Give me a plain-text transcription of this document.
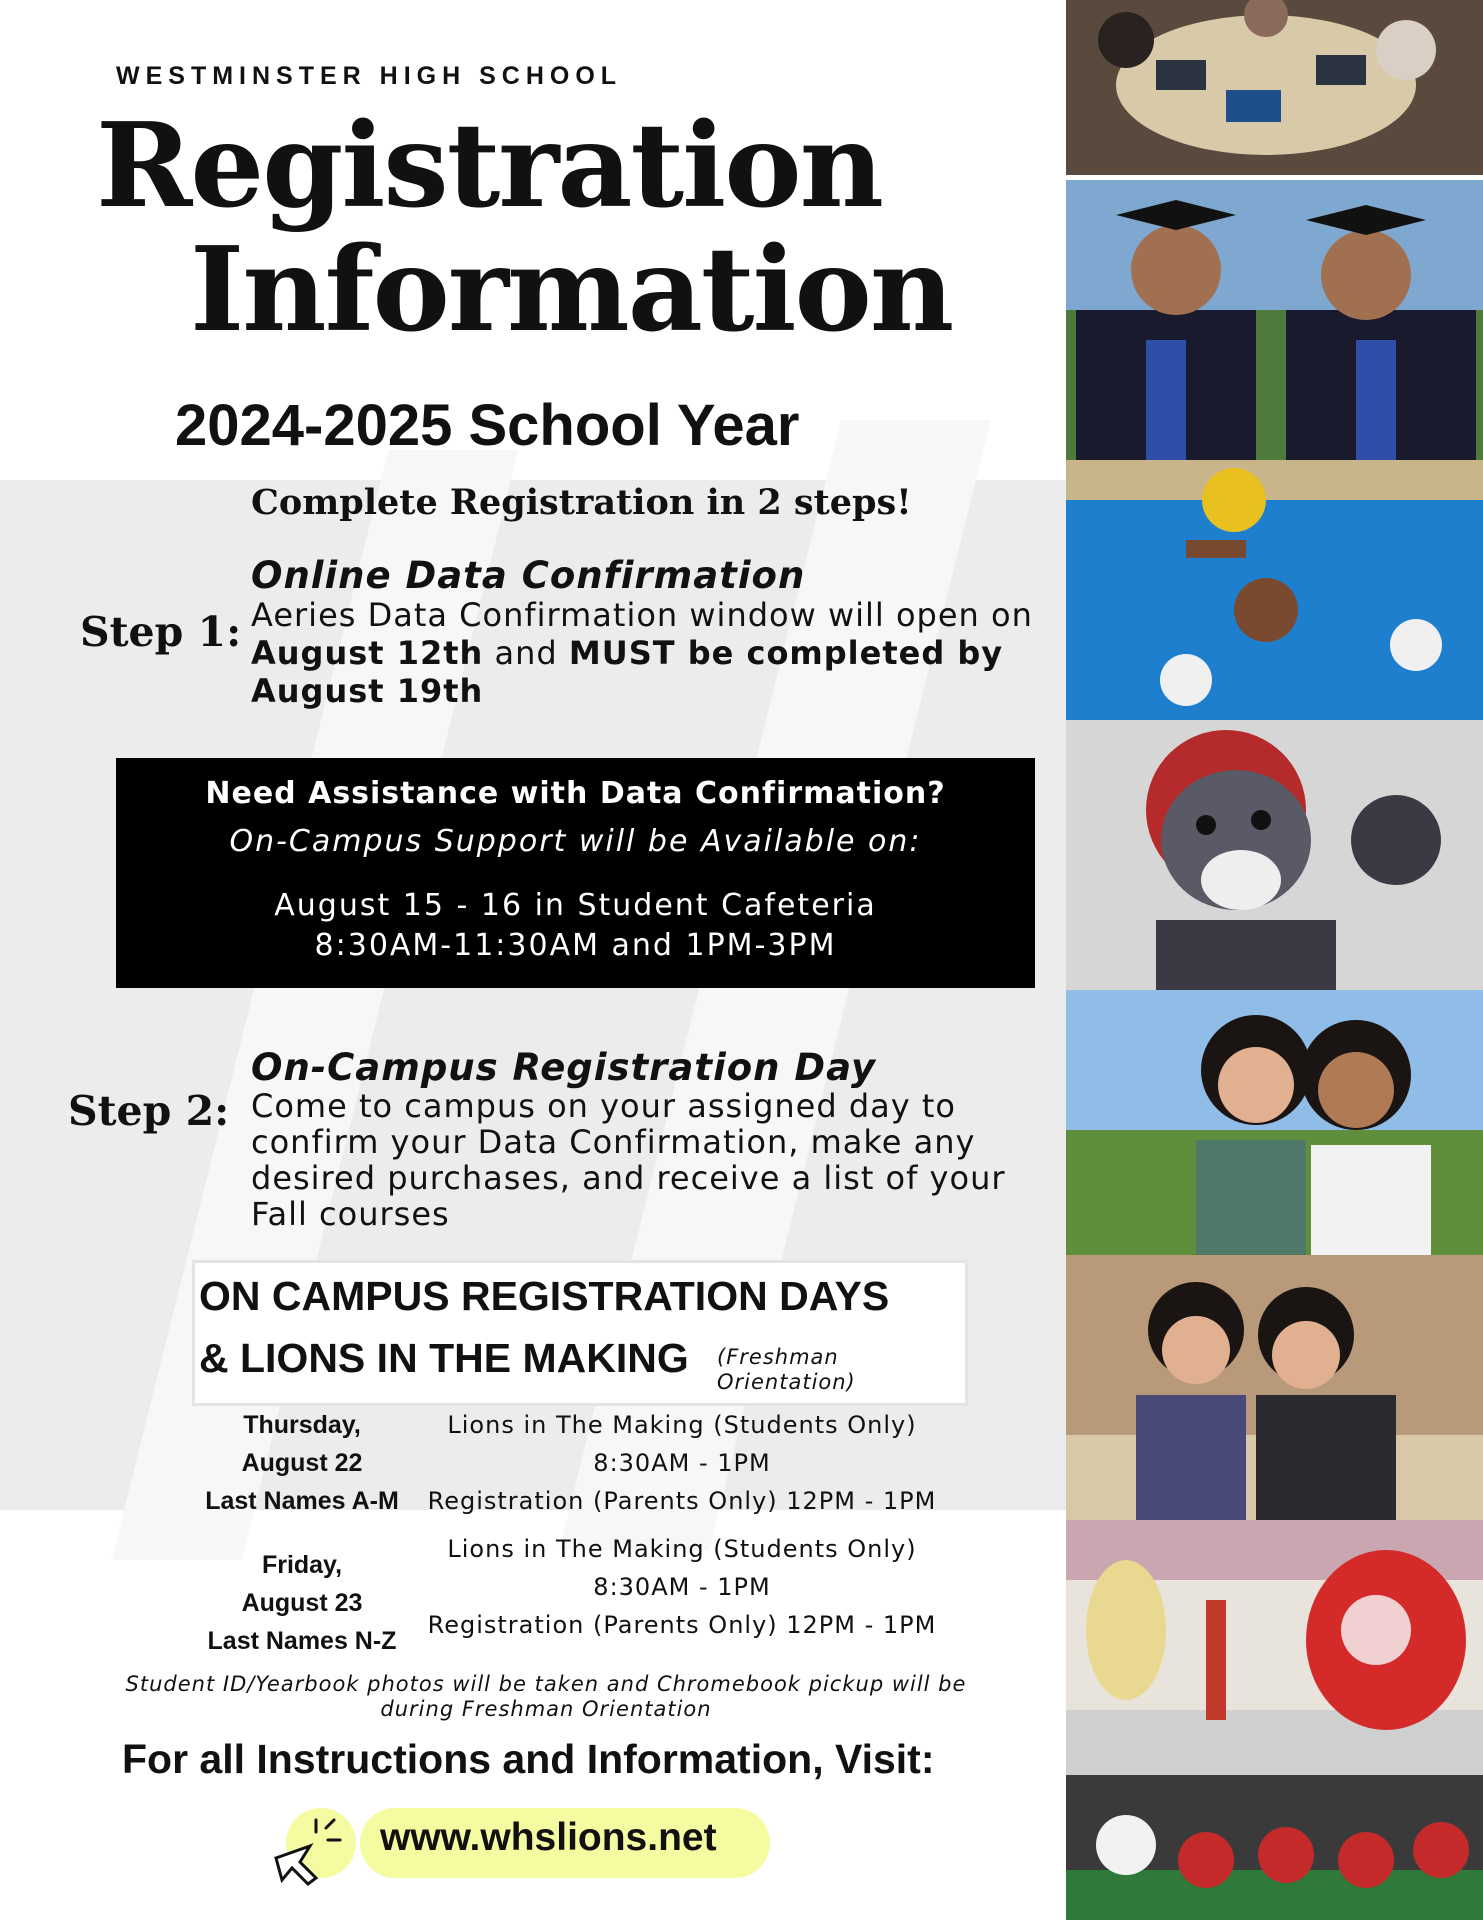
WESTMINSTER HIGH SCHOOL
Registration
Information
2024-2025 School Year
Complete Registration in 2 steps!
Step 1:
Online Data Confirmation
Aeries Data Confirmation window will open on August 12th and MUST be completed by August 19th
Need Assistance with Data Confirmation?
On-Campus Support will be Available on:
August 15 - 16 in Student Cafeteria
8:30AM-11:30AM and 1PM-3PM
Step 2:
On-Campus Registration Day
Come to campus on your assigned day to confirm your Data Confirmation, make any desired purchases, and receive a list of your Fall courses
ON CAMPUS REGISTRATION DAYS
& LIONS IN THE MAKING (Freshman Orientation)
Thursday,
August 22
Last Names A-M
Lions in The Making (Students Only)
8:30AM - 1PM
Registration (Parents Only) 12PM - 1PM
Friday,
August 23
Last Names N-Z
Lions in The Making (Students Only)
8:30AM - 1PM
Registration (Parents Only) 12PM - 1PM
Student ID/Yearbook photos will be taken and Chromebook pickup will be during Freshman Orientation
For all Instructions and Information, Visit:
www.whslions.net
